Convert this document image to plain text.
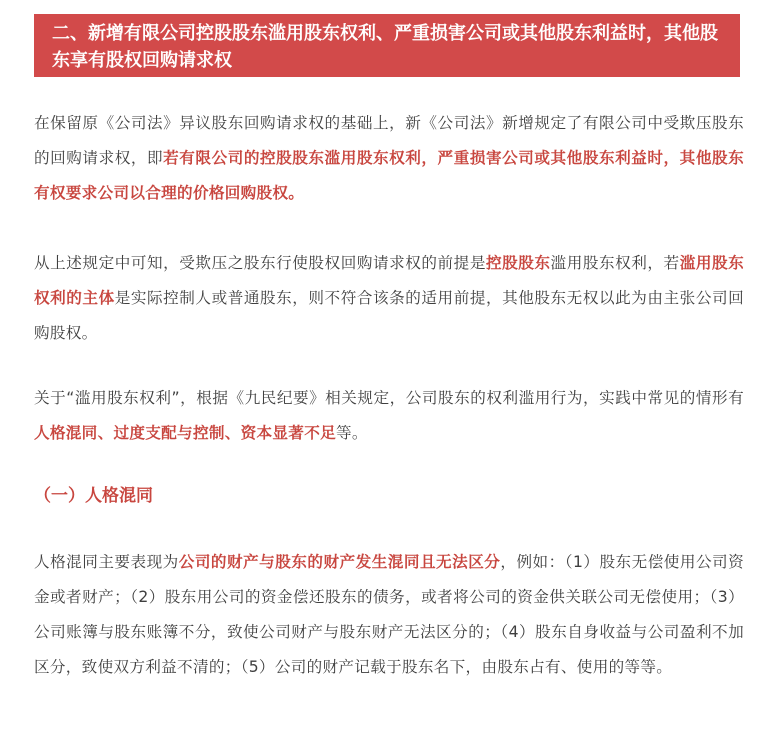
二、新增有限公司控股股东滥用股东权利、严重损害公司或其他股东利益时，其他股东享有股权回购请求权

在保留原《公司法》异议股东回购请求权的基础上，新《公司法》新增规定了有限公司中受欺压股东的回购请求权，即若有限公司的控股股东滥用股东权利，严重损害公司或其他股东利益时，其他股东有权要求公司以合理的价格回购股权。

从上述规定中可知，受欺压之股东行使股权回购请求权的前提是控股股东滥用股东权利，若滥用股东权利的主体是实际控制人或普通股东，则不符合该条的适用前提，其他股东无权以此为由主张公司回购股权。

关于“滥用股东权利”，根据《九民纪要》相关规定，公司股东的权利滥用行为，实践中常见的情形有人格混同、过度支配与控制、资本显著不足等。

（一）人格混同

人格混同主要表现为公司的财产与股东的财产发生混同且无法区分，例如：（1）股东无偿使用公司资金或者财产；（2）股东用公司的资金偿还股东的债务，或者将公司的资金供关联公司无偿使用；（3）公司账簿与股东账簿不分，致使公司财产与股东财产无法区分的；（4）股东自身收益与公司盈利不加区分，致使双方利益不清的；（5）公司的财产记载于股东名下，由股东占有、使用的等等。
